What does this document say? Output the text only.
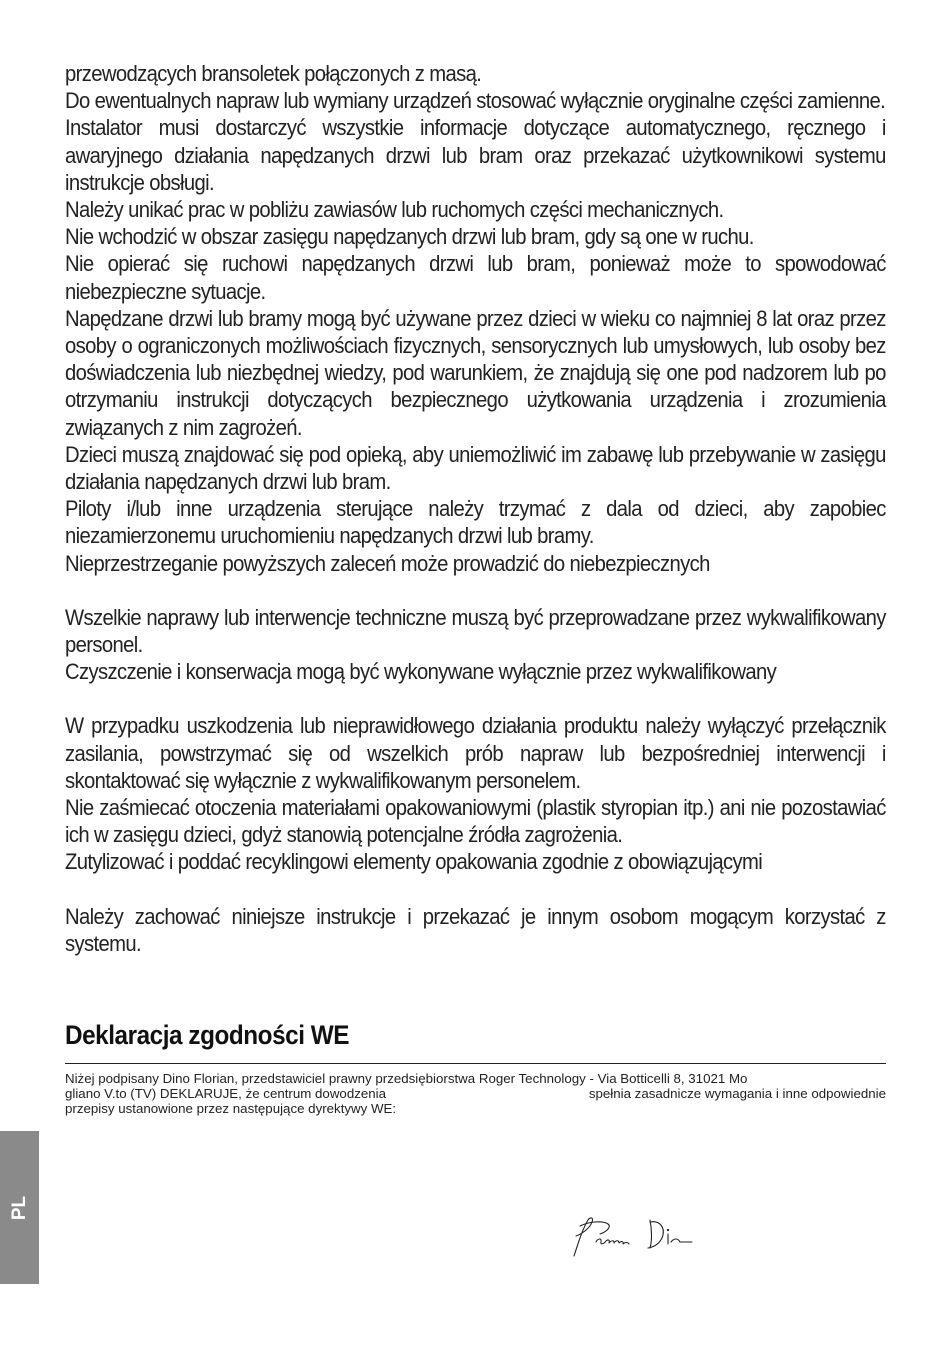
przewodzących bransoletek połączonych z masą.

Do ewentualnych napraw lub wymiany urządzeń stosować wyłącznie oryginalne części zamienne.

Instalator musi dostarczyć wszystkie informacje dotyczące automatycznego, ręcznego i awaryjnego działania napędzanych drzwi lub bram oraz przekazać użytkownikowi systemu instrukcje obsługi.

Należy unikać prac w pobliżu zawiasów lub ruchomych części mechanicznych.

Nie wchodzić w obszar zasięgu napędzanych drzwi lub bram, gdy są one w ruchu.

Nie opierać się ruchowi napędzanych drzwi lub bram, ponieważ może to spowodować niebezpieczne sytuacje.

Napędzane drzwi lub bramy mogą być używane przez dzieci w wieku co najmniej 8 lat oraz przez osoby o ograniczonych możliwościach fizycznych, sensorycznych lub umysłowych, lub osoby bez doświadczenia lub niezbędnej wiedzy, pod warunkiem, że znajdują się one pod nadzorem lub po otrzymaniu instrukcji dotyczących bezpiecznego użytkowania urządzenia i zrozumienia związanych z nim zagrożeń.

Dzieci muszą znajdować się pod opieką, aby uniemożliwić im zabawę lub przebywanie w zasięgu działania napędzanych drzwi lub bram.

Piloty i/lub inne urządzenia sterujące należy trzymać z dala od dzieci, aby zapobiec niezamierzonemu uruchomieniu napędzanych drzwi lub bramy.

Nieprzestrzeganie powyższych zaleceń może prowadzić do niebezpiecznych

Wszelkie naprawy lub interwencje techniczne muszą być przeprowadzane przez wykwalifikowany personel.

Czyszczenie i konserwacja mogą być wykonywane wyłącznie przez wykwalifikowany

W przypadku uszkodzenia lub nieprawidłowego działania produktu należy wyłączyć przełącznik zasilania, powstrzymać się od wszelkich prób napraw lub bezpośredniej interwencji i skontaktować się wyłącznie z wykwalifikowanym personelem.

Nie zaśmiecać otoczenia materiałami opakowaniowymi (plastik styropian itp.) ani nie pozostawiać ich w zasięgu dzieci, gdyż stanowią potencjalne źródła zagrożenia.

Zutylizować i poddać recyklingowi elementy opakowania zgodnie z obowiązującymi

Należy zachować niniejsze instrukcje i przekazać je innym osobom mogącym korzystać z systemu.

Deklaracja zgodności WE
Niżej podpisany Dino Florian, przedstawiciel prawny przedsiębiorstwa Roger Technology - Via Botticelli 8, 31021 Mo
gliano V.to (TV) DEKLARUJE, że centrum dowodzenia	spełnia zasadnicze wymagania i inne odpowiednie
przepisy ustanowione przez następujące dyrektywy WE:
PL
